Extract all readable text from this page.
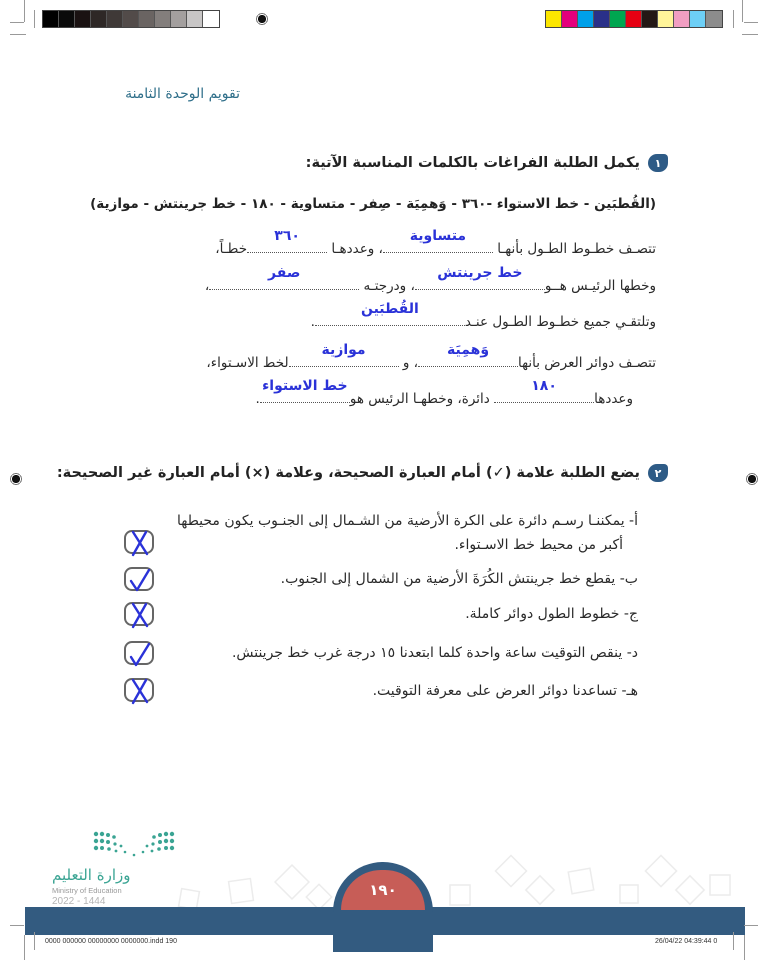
تقويم الوحدة الثامنة
١
يكمل الطلبة الفراغات بالكلمات المناسبة الآتية:
(القُطبَين - خط الاستواء -٣٦٠ - وَهمِيَة - صِفر - متساوية - ١٨٠ - خط جرينتش - موازية)
تتصـف خطـوط الطـول بأنهـا
متساوية
، وعددهـا
٣٦٠
خطـاً،
وخطها الرئيـس هــو
خط جرينتش
، ودرجتـه
صفر
،
وتلتقـي جميع خطـوط الطـول عنـد
القُطبَين
.
تتصـف دوائر العرض بأنها
وَهمِيَة
، و
موازية
لخط الاسـتواء،
وعددها
١٨٠
دائرة، وخطهـا الرئيس هو
خط الاستواء
.
٢
يضع الطلبة علامة (✓) أمام العبارة الصحيحة، وعلامة (×) أمام العبارة غير الصحيحة:
أ- يمكننـا رسـم دائرة على الكرة الأرضية من الشـمال إلى الجنـوب يكون محيطها
أكبر من محيط خط الاسـتواء.
ب- يقطع خط جرينتش الكُرَةَ الأرضية من الشمال إلى الجنوب.
ج- خطوط الطول دوائر كاملة.
د- ينقص التوقيت ساعة واحدة كلما ابتعدنا ١٥ درجة غرب خط جرينتش.
هـ- تساعدنا دوائر العرض على معرفة التوقيت.
وزارة التعليم
Ministry of Education
2022 - 1444
١٩٠
0000 000000 00000000 0000000.indd 190	26/04/22 04:39:44 0
